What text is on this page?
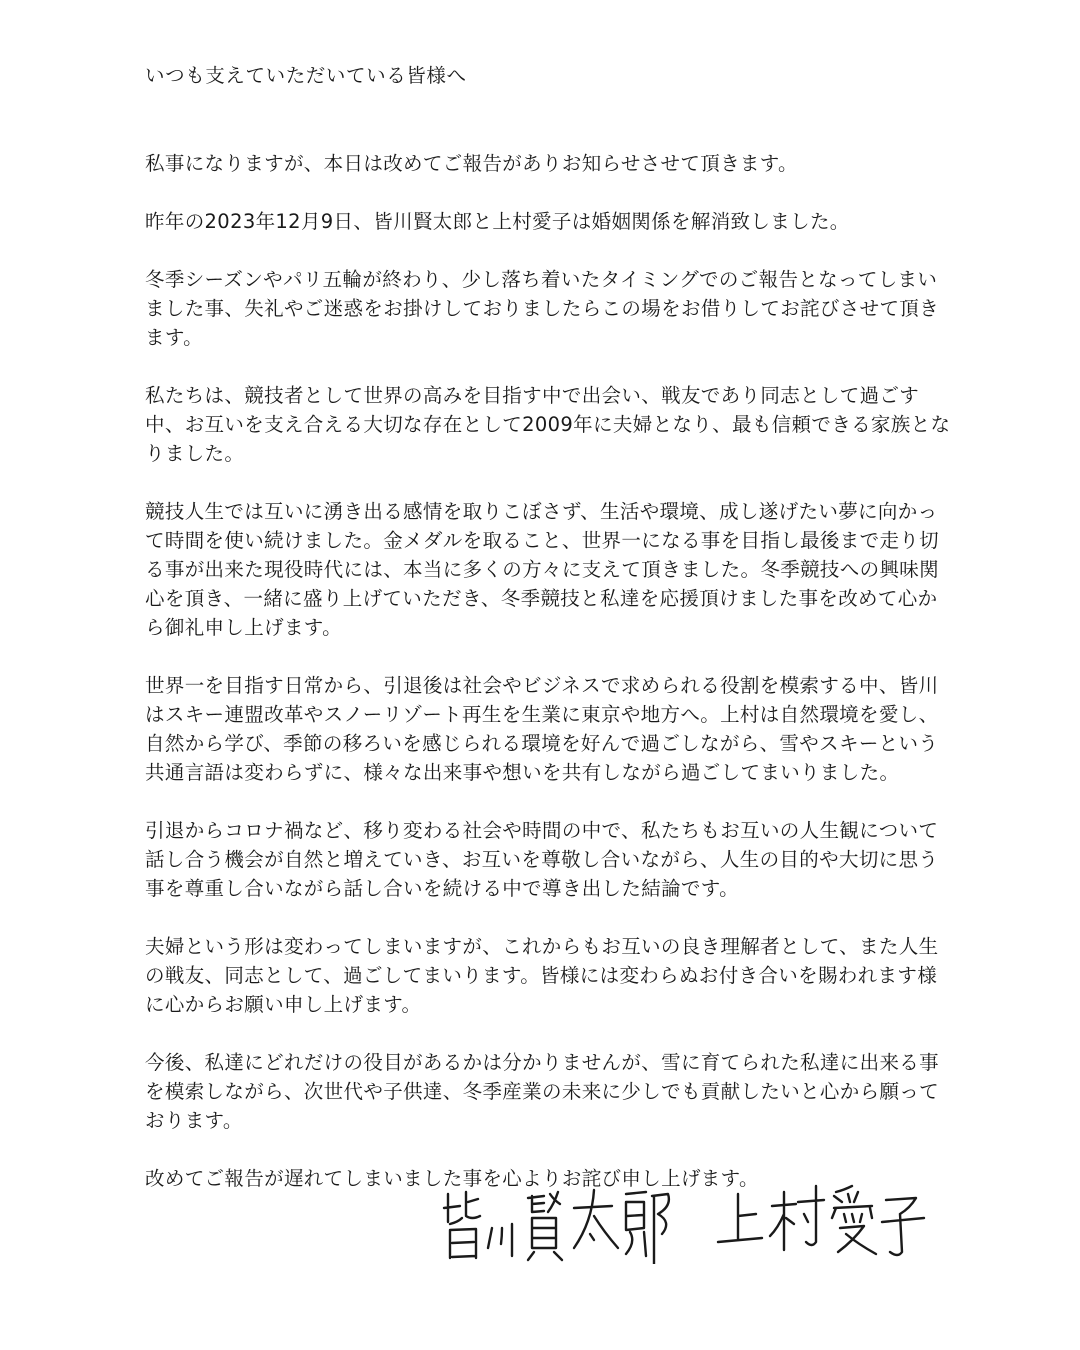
いつも支えていただいている皆様へ

私事になりますが、本日は改めてご報告がありお知らせさせて頂きます。

昨年の2023年12月9日、皆川賢太郎と上村愛子は婚姻関係を解消致しました。

冬季シーズンやパリ五輪が終わり、少し落ち着いたタイミングでのご報告となってしまいました事、失礼やご迷惑をお掛けしておりましたらこの場をお借りしてお詫びさせて頂きます。

私たちは、競技者として世界の高みを目指す中で出会い、戦友であり同志として過ごす中、お互いを支え合える大切な存在として2009年に夫婦となり、最も信頼できる家族となりました。

競技人生では互いに湧き出る感情を取りこぼさず、生活や環境、成し遂げたい夢に向かって時間を使い続けました。金メダルを取ること、世界一になる事を目指し最後まで走り切る事が出来た現役時代には、本当に多くの方々に支えて頂きました。冬季競技への興味関心を頂き、一緒に盛り上げていただき、冬季競技と私達を応援頂けました事を改めて心から御礼申し上げます。

世界一を目指す日常から、引退後は社会やビジネスで求められる役割を模索する中、皆川はスキー連盟改革やスノーリゾート再生を生業に東京や地方へ。上村は自然環境を愛し、自然から学び、季節の移ろいを感じられる環境を好んで過ごしながら、雪やスキーという共通言語は変わらずに、様々な出来事や想いを共有しながら過ごしてまいりました。

引退からコロナ禍など、移り変わる社会や時間の中で、私たちもお互いの人生観について話し合う機会が自然と増えていき、お互いを尊敬し合いながら、人生の目的や大切に思う事を尊重し合いながら話し合いを続ける中で導き出した結論です。

夫婦という形は変わってしまいますが、これからもお互いの良き理解者として、また人生の戦友、同志として、過ごしてまいります。皆様には変わらぬお付き合いを賜われます様に心からお願い申し上げます。

今後、私達にどれだけの役目があるかは分かりませんが、雪に育てられた私達に出来る事を模索しながら、次世代や子供達、冬季産業の未来に少しでも貢献したいと心から願っております。

改めてご報告が遅れてしまいました事を心よりお詫び申し上げます。
